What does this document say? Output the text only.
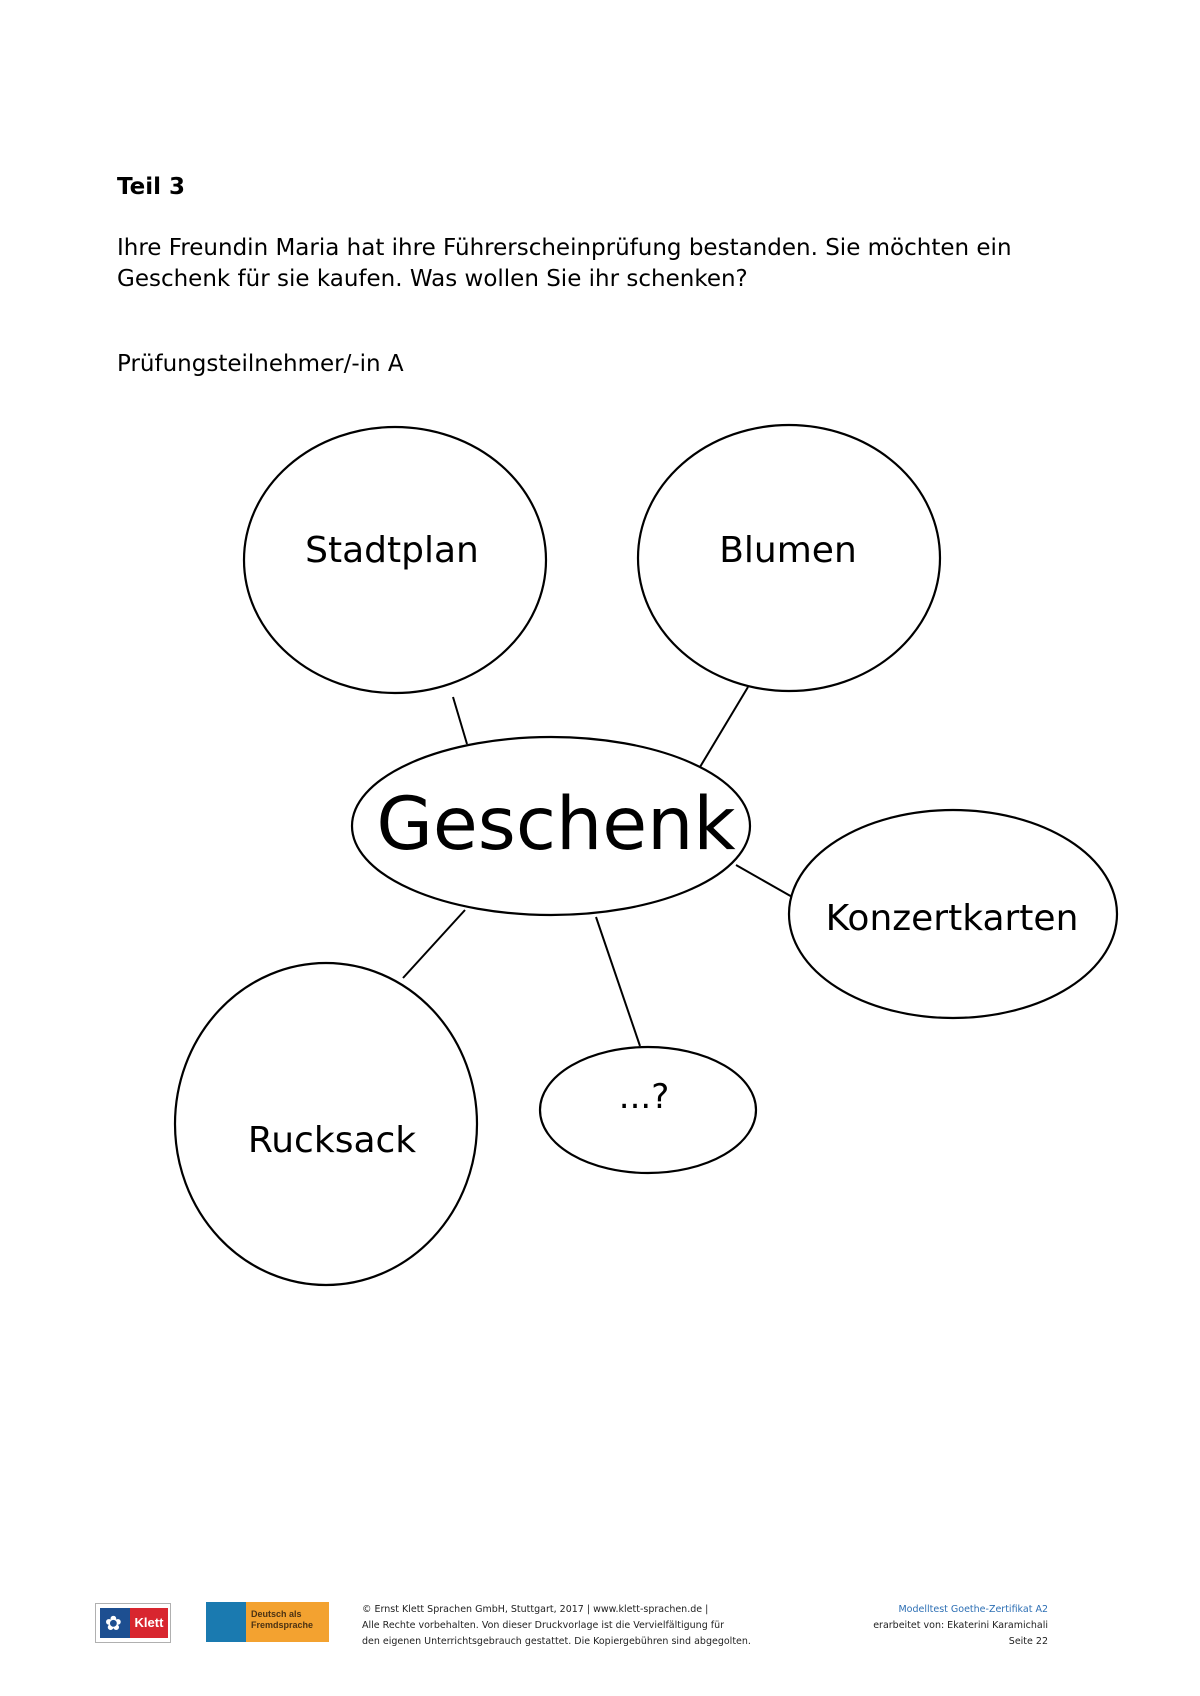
Teil 3

Ihre Freundin Maria hat ihre Führerscheinprüfung bestanden. Sie möchten ein
Geschenk für sie kaufen. Was wollen Sie ihr schenken?

Prüfungsteilnehmer/-in A

Stadtplan	Blumen
Konzertkarten
Rucksack
...?
Geschenk
✿ Klett
Deutsch als
Fremdsprache
© Ernst Klett Sprachen GmbH, Stuttgart, 2017 | www.klett-sprachen.de |
Alle Rechte vorbehalten. Von dieser Druckvorlage ist die Vervielfältigung für
den eigenen Unterrichtsgebrauch gestattet. Die Kopiergebühren sind abgegolten.
Modelltest Goethe-Zertifikat A2
erarbeitet von: Ekaterini Karamichali
Seite 22
